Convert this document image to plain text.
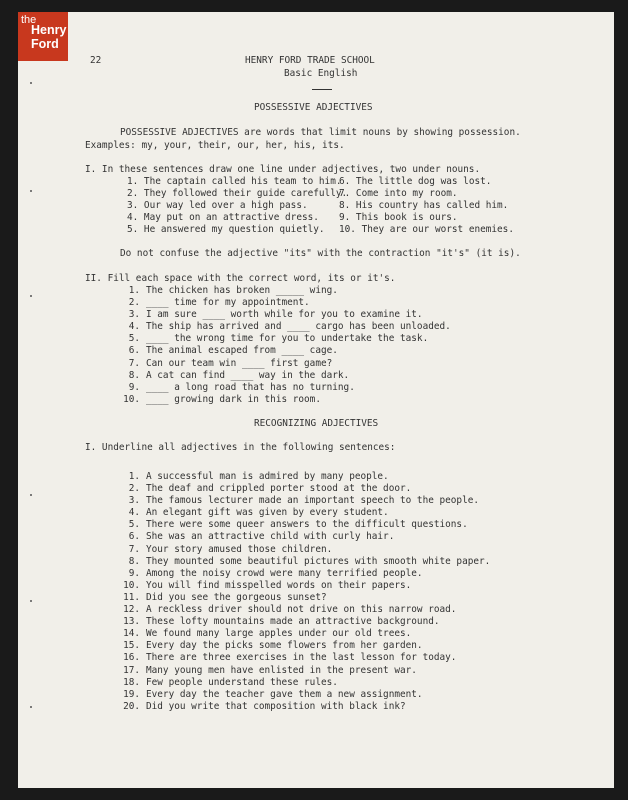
the
Henry
Ford
22	HENRY FORD TRADE SCHOOL
Basic English
POSSESSIVE ADJECTIVES
POSSESSIVE ADJECTIVES are words that limit nouns by showing possession.
Examples: my, your, their, our, her, his, its.
I. In these sentences draw one line under adjectives, two under nouns.
1. The captain called his team to him.6. The little dog was lost.
2. They followed their guide carefully.7. Come into my room.
3. Our way led over a high pass.	8. His country has called him.
4. May put on an attractive dress. 9. This book is ours.
5. He answered my question quietly. 10. They are our worst enemies.
Do not confuse the adjective "its" with the contraction "it's" (it is).
II. Fill each space with the correct word, its or it's.
1. The chicken has broken _____ wing.
2. ____ time for my appointment.
3. I am sure ____ worth while for you to examine it.
4. The ship has arrived and ____ cargo has been unloaded.
5. ____ the wrong time for you to undertake the task.
6. The animal escaped from ____ cage.
7. Can our team win ____ first game?
8. A cat can find ____ way in the dark.
9. ____ a long road that has no turning.
10. ____ growing dark in this room.
RECOGNIZING ADJECTIVES
I. Underline all adjectives in the following sentences:
1. A successful man is admired by many people.
2. The deaf and crippled porter stood at the door.
3. The famous lecturer made an important speech to the people.
4. An elegant gift was given by every student.
5. There were some queer answers to the difficult questions.
6. She was an attractive child with curly hair.
7. Your story amused those children.
8. They mounted some beautiful pictures with smooth white paper.
9. Among the noisy crowd were many terrified people.
10. You will find misspelled words on their papers.
11. Did you see the gorgeous sunset?
12. A reckless driver should not drive on this narrow road.
13. These lofty mountains made an attractive background.
14. We found many large apples under our old trees.
15. Every day the picks some flowers from her garden.
16. There are three exercises in the last lesson for today.
17. Many young men have enlisted in the present war.
18. Few people understand these rules.
19. Every day the teacher gave them a new assignment.
20. Did you write that composition with black ink?
